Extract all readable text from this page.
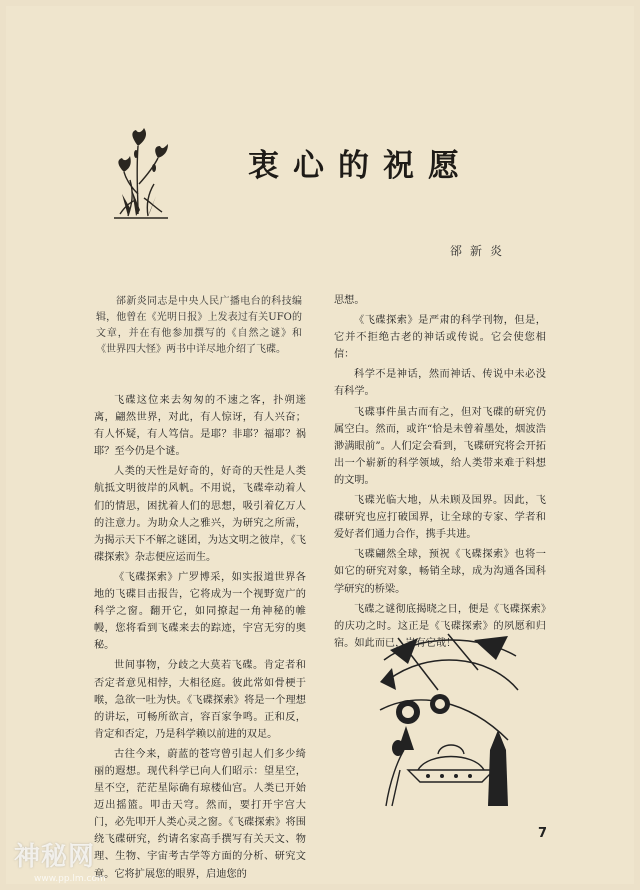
衷心的祝愿
郤新炎

郤新炎同志是中央人民广播电台的科技编辑，他曾在《光明日报》上发表过有关UFO的文章，并在有他参加撰写的《自然之谜》和《世界四大怪》两书中详尽地介绍了飞碟。

飞碟这位来去匆匆的不速之客，扑朔迷离，翩然世界，对此，有人惊讶，有人兴奋；有人怀疑，有人笃信。是耶？非耶？福耶？祸耶？至今仍是个谜。

人类的天性是好奇的，好奇的天性是人类航抵文明彼岸的风帆。不用说，飞碟牵动着人们的情思，困扰着人们的思想，吸引着亿万人的注意力。为助众人之雅兴，为研究之所需，为揭示天下不解之谜团，为达文明之彼岸，《飞碟探索》杂志便应运而生。

《飞碟探索》广罗博采，如实报道世界各地的飞碟目击报告，它将成为一个视野宽广的科学之窗。翻开它，如同撩起一角神秘的帷幔，您将看到飞碟来去的踪迹，宇宫无穷的奥秘。

世间事物，分歧之大莫若飞碟。肯定者和否定者意见相悖，大相径庭。彼此常如骨梗于喉，急欲一吐为快。《飞碟探索》将是一个理想的讲坛，可畅所欲言，容百家争鸣。正和反，肯定和否定，乃是科学赖以前进的双足。

古往今来，蔚蓝的苍穹曾引起人们多少绮丽的遐想。现代科学已向人们昭示：望星空，星不空，茫茫星际确有琼楼仙宫。人类已开始迈出摇篮。叩击天穹。然而，要打开宇宫大门，必先叩开人类心灵之窗。《飞碟探索》将围绕飞碟研究，约请名家高手撰写有关天文、物理、生物、宇宙考古学等方面的分析、研究文章。它将扩展您的眼界，启迪您的

思想。

《飞碟探索》是严肃的科学刊物，但是，它并不拒绝古老的神话或传说。它会使您相信：

科学不是神话，然而神话、传说中未必没有科学。

飞碟事件虽古而有之，但对飞碟的研究仍属空白。然而，或许“恰是未曾着墨处，烟波浩渺满眼前”。人们定会看到，飞碟研究将会开拓出一个崭新的科学领域，给人类带来难于料想的文明。

飞碟光临大地，从未顾及国界。因此，飞碟研究也应打破国界，让全球的专家、学者和爱好者们通力合作，携手共进。

飞碟翩然全球，预祝《飞碟探索》也将一如它的研究对象，畅销全球，成为沟通各国科学研究的桥梁。

飞碟之谜彻底揭晓之日，便是《飞碟探索》的庆功之时。这正是《飞碟探索》的夙愿和归宿。如此而已，岂有它哉！

7
神秘网
www.pp.lm.com
